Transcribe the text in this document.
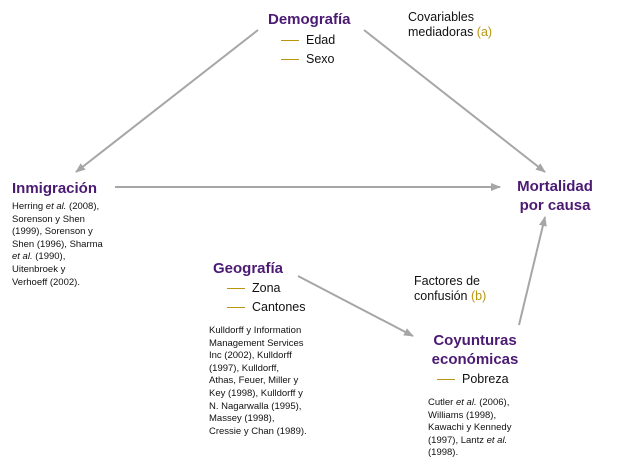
Demografía
Edad
Sexo
Covariables
mediadoras (a)
Inmigración
Herring et al. (2008),
Sorenson y Shen
(1999), Sorenson y
Shen (1996), Sharma
et al. (1990),
Uitenbroek y
Verhoeff (2002).
Mortalidad
por causa
Factores de
confusión (b)
Geografía
Zona
Cantones
Kulldorff y Information
Management Services
Inc (2002), Kulldorff
(1997), Kulldorff,
Athas, Feuer, Miller y
Key (1998), Kulldorff y
N. Nagarwalla (1995),
Massey (1998),
Cressie y Chan (1989).
Coyunturas
económicas
Pobreza
Cutler et al. (2006),
Williams (1998),
Kawachi y Kennedy
(1997), Lantz et al.
(1998).
